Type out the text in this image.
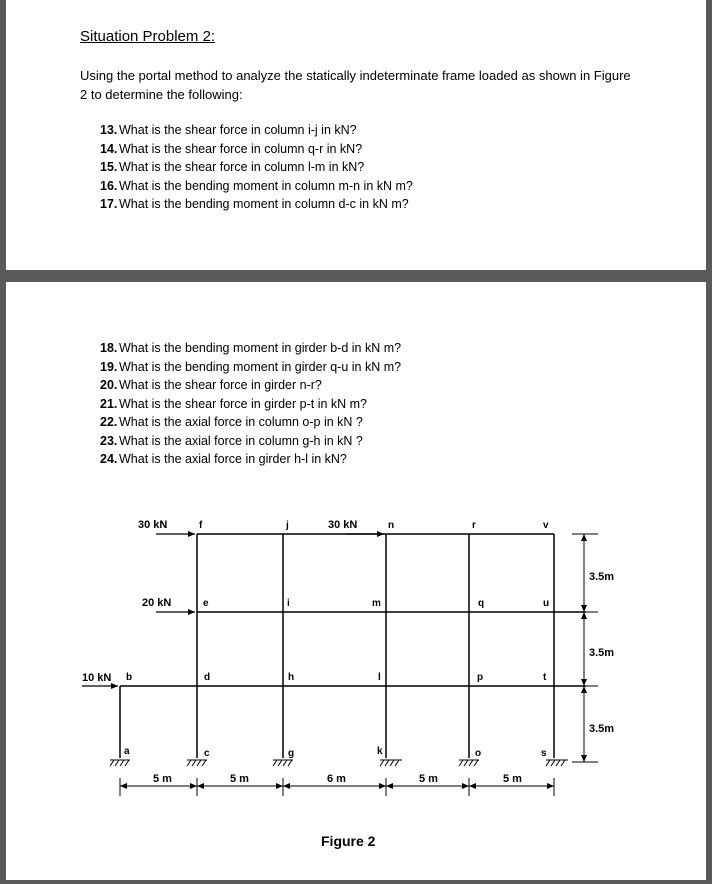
Situation Problem 2:
Using the portal method to analyze the statically indeterminate frame loaded as shown in Figure 2 to determine the following:
13. What is the shear force in column i-j in kN?
14. What is the shear force in column q-r in kN?
15. What is the shear force in column l-m in kN?
16. What is the bending moment in column m-n in kN m?
17. What is the bending moment in column d-c in kN m?
18. What is the bending moment in girder b-d in kN m?
19. What is the bending moment in girder q-u in kN m?
20. What is the shear force in girder n-r?
21. What is the shear force in girder p-t in kN m?
22. What is the axial force in column o-p in kN ?
23. What is the axial force in column g-h in kN ?
24. What is the axial force in girder h-l in kN?
30 kN	30 kN
20 kN
10 kN
f	j	n	r	v
e	i	m	q	u
b	d	h	l	p	t
a	c	g	k	o	s
5 m	5 m	6 m	5 m	5 m
3.5m
3.5m
3.5m
Figure 2
